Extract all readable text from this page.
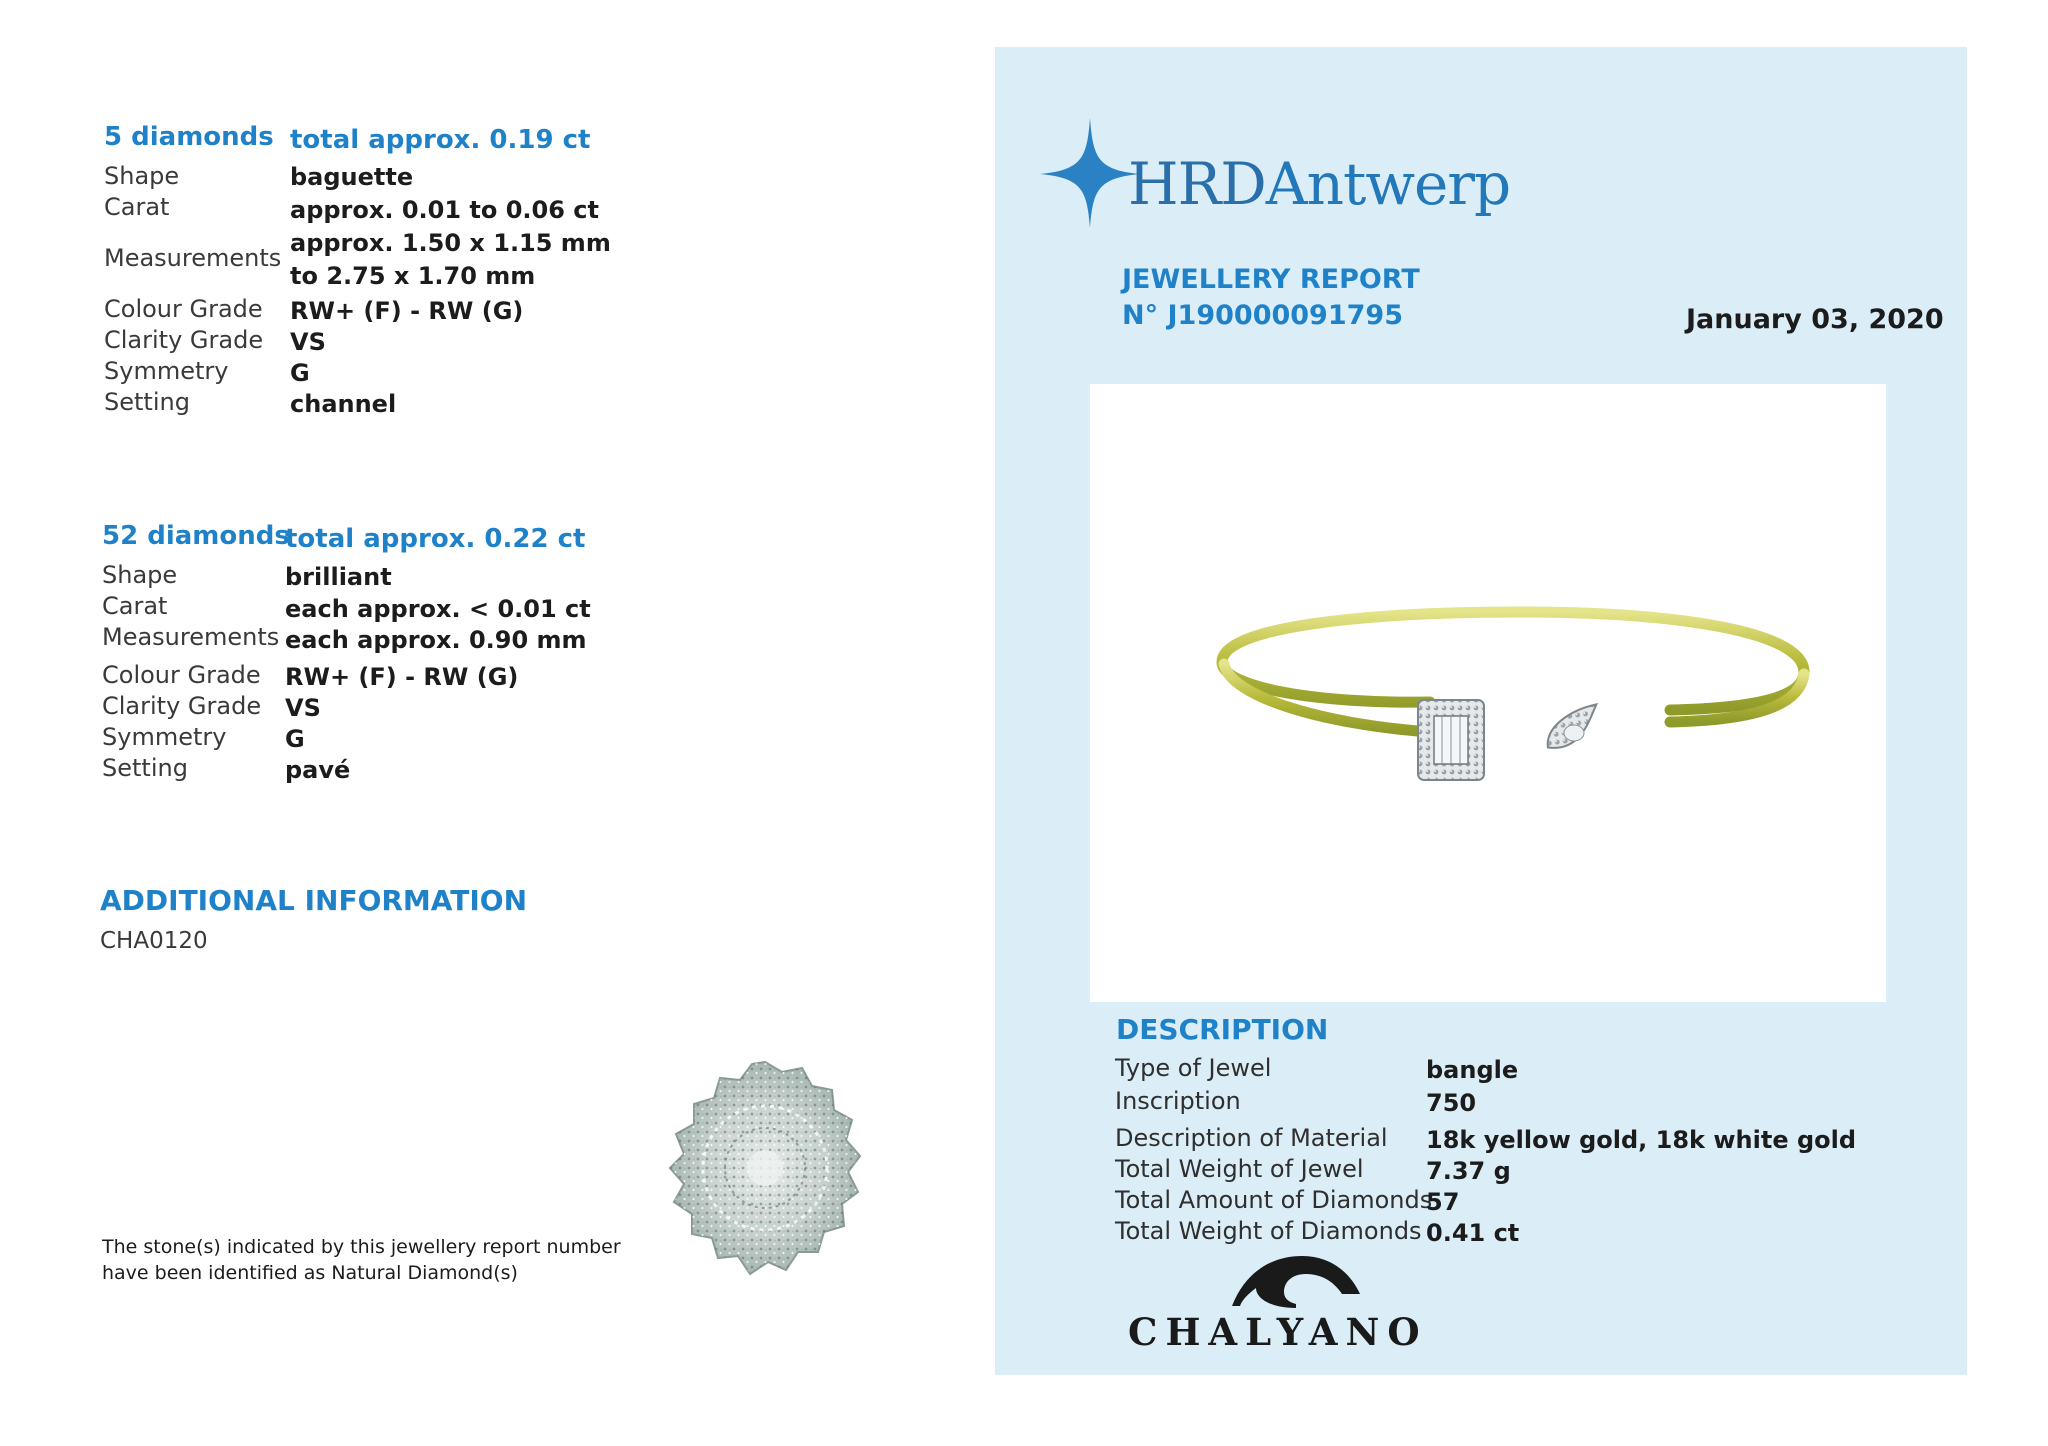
5 diamonds total approx. 0.19 ct
Shape	baguette
Carat	approx. 0.01 to 0.06 ct
Measurements
approx. 1.50 x 1.15 mm
to 2.75 x 1.70 mm
Colour Grade RW+ (F) - RW (G)
Clarity Grade VS
Symmetry	G
Setting	channel
52 diamonds
total approx. 0.22 ct
Shape	brilliant
Carat	each approx. < 0.01 ct
Measurements each approx. 0.90 mm
Colour Grade RW+ (F) - RW (G)
Clarity Grade VS
Symmetry G
Setting	pavé
ADDITIONAL INFORMATION
CHA0120
The stone(s) indicated by this jewellery report number
have been identified as Natural Diamond(s)
HRDAntwerp
JEWELLERY REPORT
N° J190000091795	January 03, 2020
DESCRIPTION
Type of Jewel	bangle
Inscription	750
Description of Material 18k yellow gold, 18k white gold
Total Weight of Jewel	7.37 g
Total Amount of Diamonds
57
Total Weight of Diamonds 0.41 ct
CHALYANO
